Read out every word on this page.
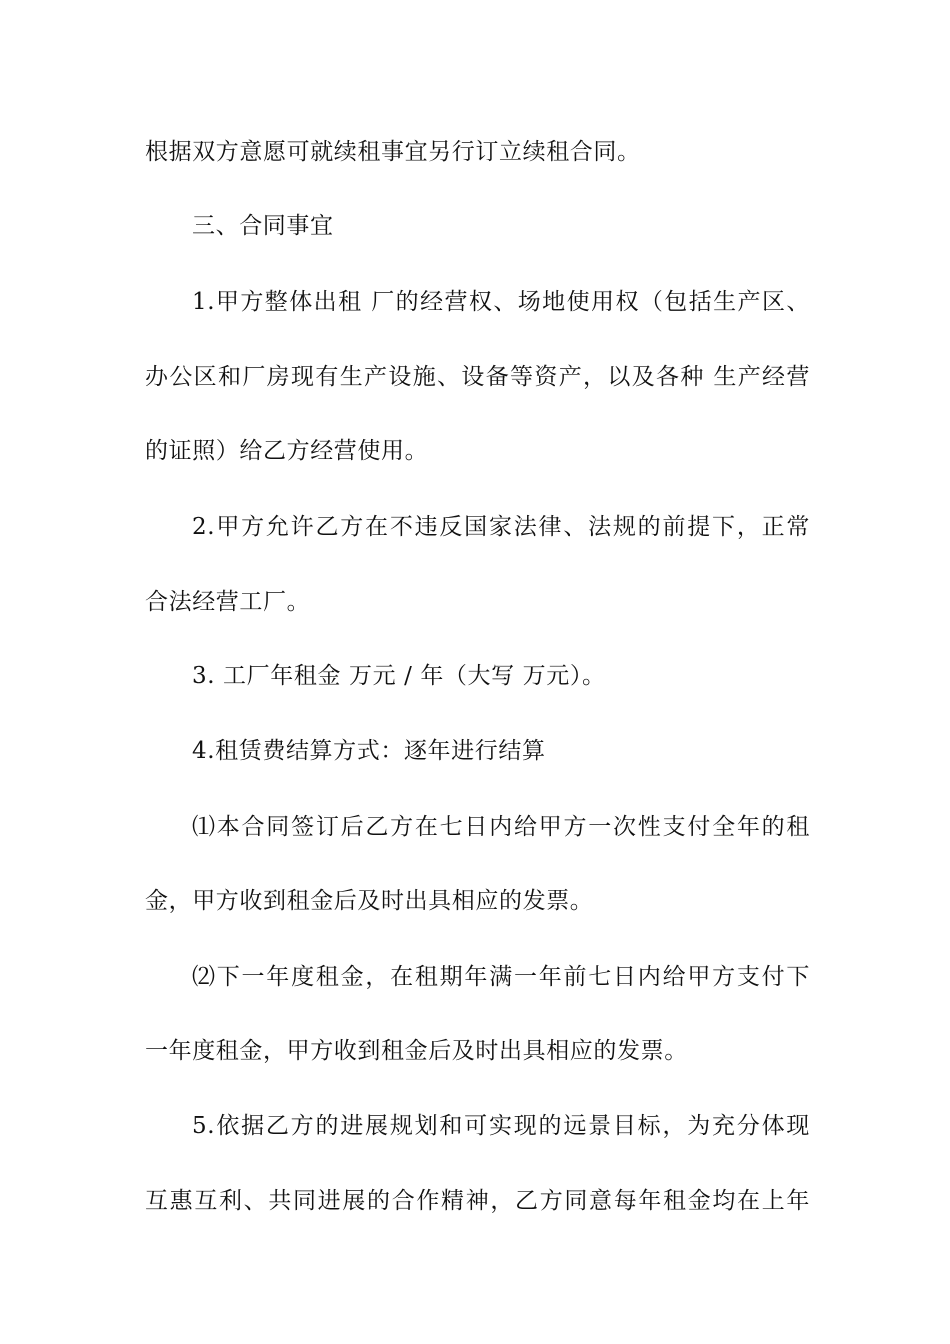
根据双方意愿可就续租事宜另行订立续租合同。
三、合同事宜
1.甲方整体出租 厂的经营权、场地使用权（包括生产区、
办公区和厂房现有生产设施、设备等资产，以及各种 生产经营
的证照）给乙方经营使用。
2.甲方允许乙方在不违反国家法律、法规的前提下，正常
合法经营工厂。
3. 工厂年租金 万元 / 年（大写 万元）。
4.租赁费结算方式：逐年进行结算
⑴本合同签订后乙方在七日内给甲方一次性支付全年的租
金，甲方收到租金后及时出具相应的发票。
⑵下一年度租金，在租期年满一年前七日内给甲方支付下
一年度租金，甲方收到租金后及时出具相应的发票。
5.依据乙方的进展规划和可实现的远景目标，为充分体现
互惠互利、共同进展的合作精神，乙方同意每年租金均在上年
